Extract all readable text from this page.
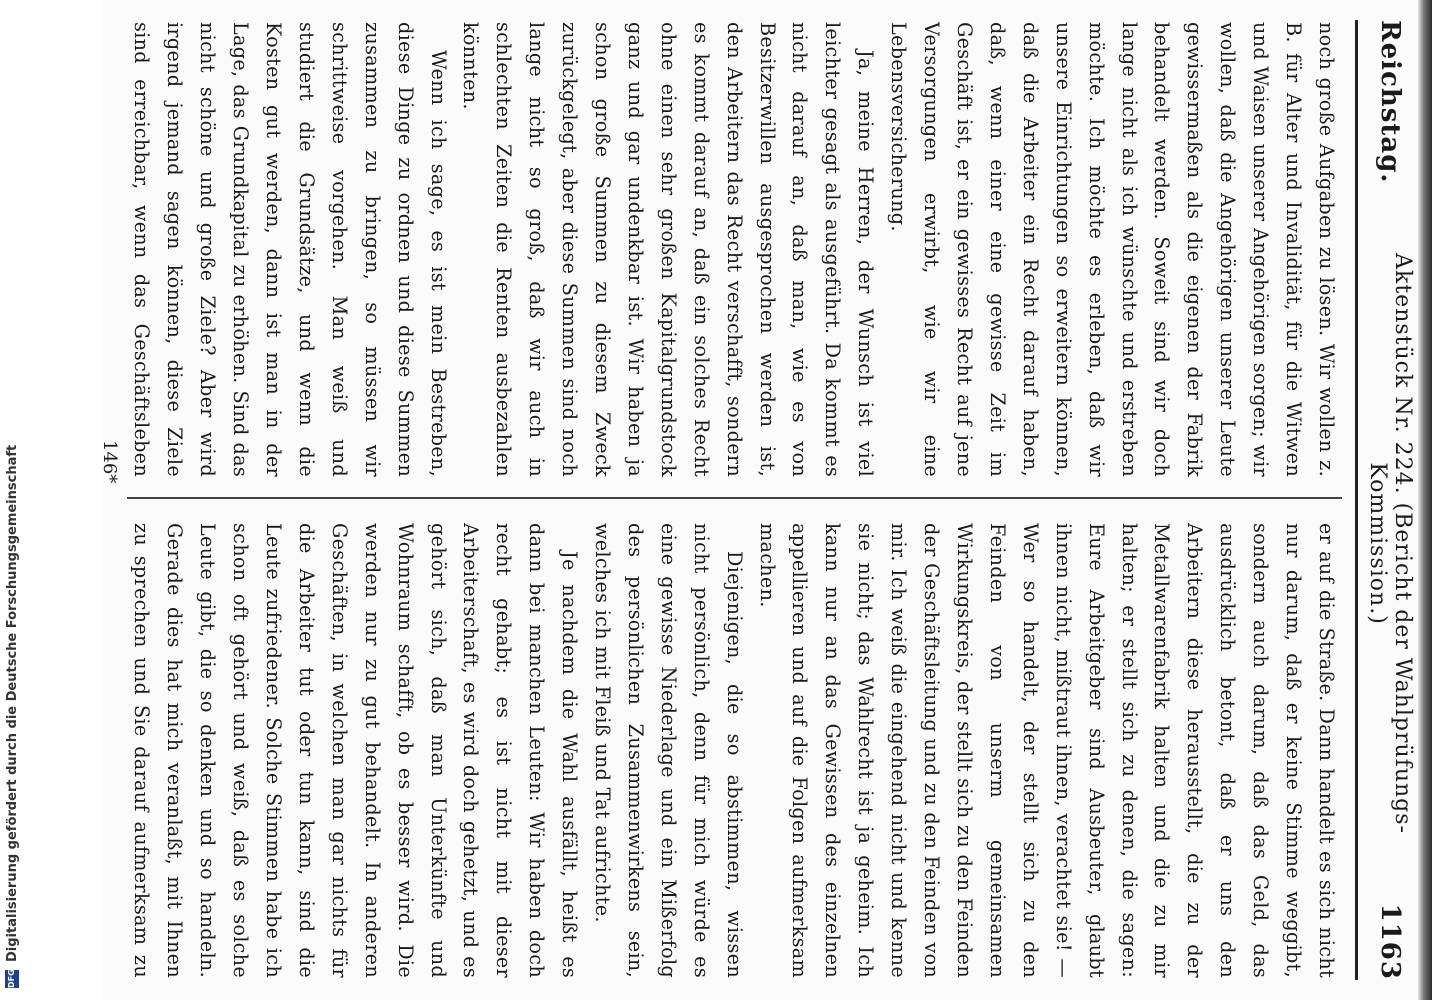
Reichstag.
Aktenstück Nr. 224. (Bericht der Wahlprüfungs-Kommission.)
1163

noch große Aufgaben zu lösen. Wir wollen z. B. für Alter und Invalidität, für die Witwen und Waisen unserer Angehörigen sorgen; wir wollen, daß die Angehörigen unserer Leute gewissermaßen als die eigenen der Fabrik behandelt werden. Soweit sind wir doch lange nicht als ich wünschte und erstreben möchte. Ich möchte es erleben, daß wir unsere Einrichtungen so erweitern können, daß die Arbeiter ein Recht darauf haben, daß, wenn einer eine gewisse Zeit im Geschäft ist, er ein gewisses Recht auf jene Versorgungen erwirbt, wie wir eine Lebensversicherung.

Ja, meine Herren, der Wunsch ist viel leichter gesagt als ausgeführt. Da kommt es nicht darauf an, daß man, wie es von Besitzerwillen ausgesprochen werden ist, den Arbeitern das Recht verschafft, sondern es kommt darauf an, daß ein solches Recht ohne einen sehr großen Kapitalgrundstock ganz und gar undenkbar ist. Wir haben ja schon große Summen zu diesem Zweck zurückgelegt, aber diese Summen sind noch lange nicht so groß, daß wir auch in schlechten Zeiten die Renten ausbezahlen könnten.

Wenn ich sage, es ist mein Bestreben, diese Dinge zu ordnen und diese Summen zusammen zu bringen, so müssen wir schrittweise vorgehen. Man weiß und studiert die Grundsätze, und wenn die Kosten gut werden, dann ist man in der Lage, das Grundkapital zu erhöhen. Sind das nicht schöne und große Ziele? Aber wird irgend jemand sagen können, diese Ziele sind erreichbar, wenn das Geschäftsleben

er auf die Straße. Dann handelt es sich nicht nur darum, daß er keine Stimme weggibt, sondern auch darum, daß das Geld, das ausdrücklich betont, daß er uns den Arbeitern diese herausstellt, die zu der Metallwarenfabrik halten und die zu mir halten; er stellt sich zu denen, die sagen: Eure Arbeitgeber sind Ausbeuter, glaubt ihnen nicht, mißtraut ihnen, verachtet sie! — Wer so handelt, der stellt sich zu den Feinden von unserm gemeinsamen Wirkungskreis, der stellt sich zu den Feinden der Geschäftsleitung und zu den Feinden von mir. Ich weiß die eingehend nicht und kenne sie nicht; das Wahlrecht ist ja geheim. Ich kann nur an das Gewissen des einzelnen appellieren und auf die Folgen aufmerksam machen.

Diejenigen, die so abstimmen, wissen nicht persönlich, denn für mich würde es eine gewisse Niederlage und ein Mißerfolg des persönlichen Zusammenwirkens sein, welches ich mit Fleiß und Tat aufrichte.

Je nachdem die Wahl ausfällt, heißt es dann bei manchen Leuten: Wir haben doch recht gehabt; es ist nicht mit dieser Arbeiterschaft, es wird doch gehetzt, und es gehört sich, daß man Unterkünfte und Wohnraum schafft, ob es besser wird. Die werden nur zu gut behandelt. In anderen Geschäften, in welchen man gar nichts für die Arbeiter tut oder tun kann, sind die Leute zufriedener. Solche Stimmen habe ich schon oft gehört und weiß, daß es solche Leute gibt, die so denken und so handeln. Gerade dies hat mich veranlaßt, mit Ihnen zu sprechen und Sie darauf aufmerksam zu

146*
DFG
Digitalisierung gefördert durch die Deutsche Forschungsgemeinschaft
